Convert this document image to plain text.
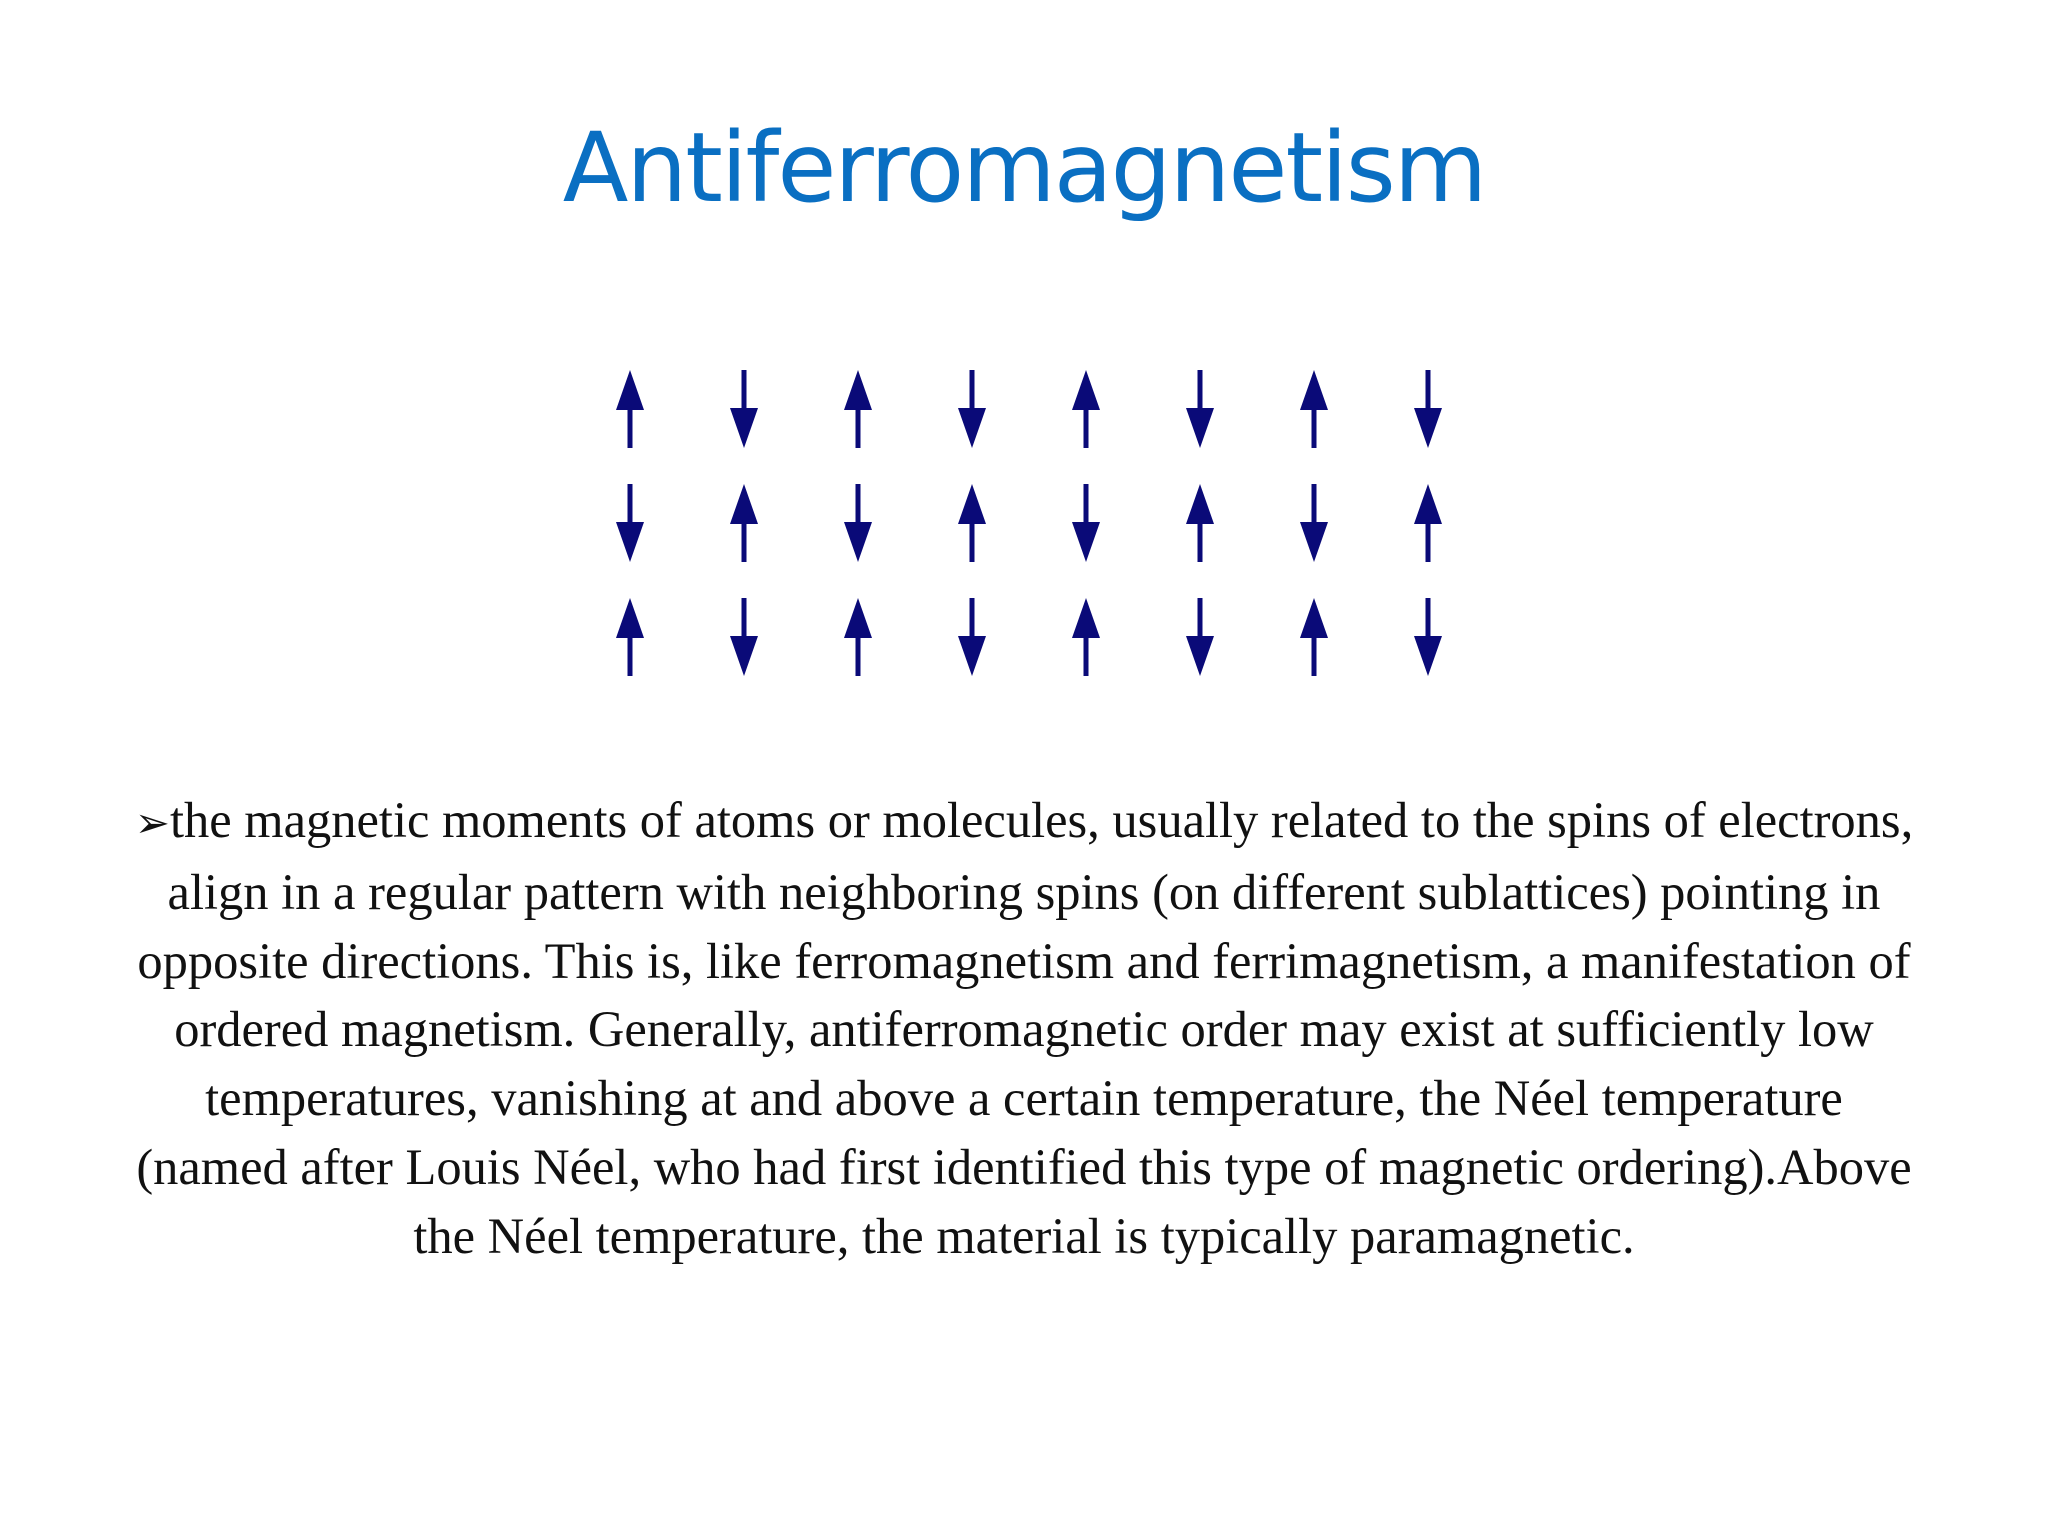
Antiferromagnetism

➢the magnetic moments of atoms or molecules, usually related to the spins of electrons,
align in a regular pattern with neighboring spins (on different sublattices) pointing in
opposite directions. This is, like ferromagnetism and ferrimagnetism, a manifestation of
ordered magnetism. Generally, antiferromagnetic order may exist at sufficiently low
temperatures, vanishing at and above a certain temperature, the Néel temperature
(named after Louis Néel, who had first identified this type of magnetic ordering).Above
the Néel temperature, the material is typically paramagnetic.
